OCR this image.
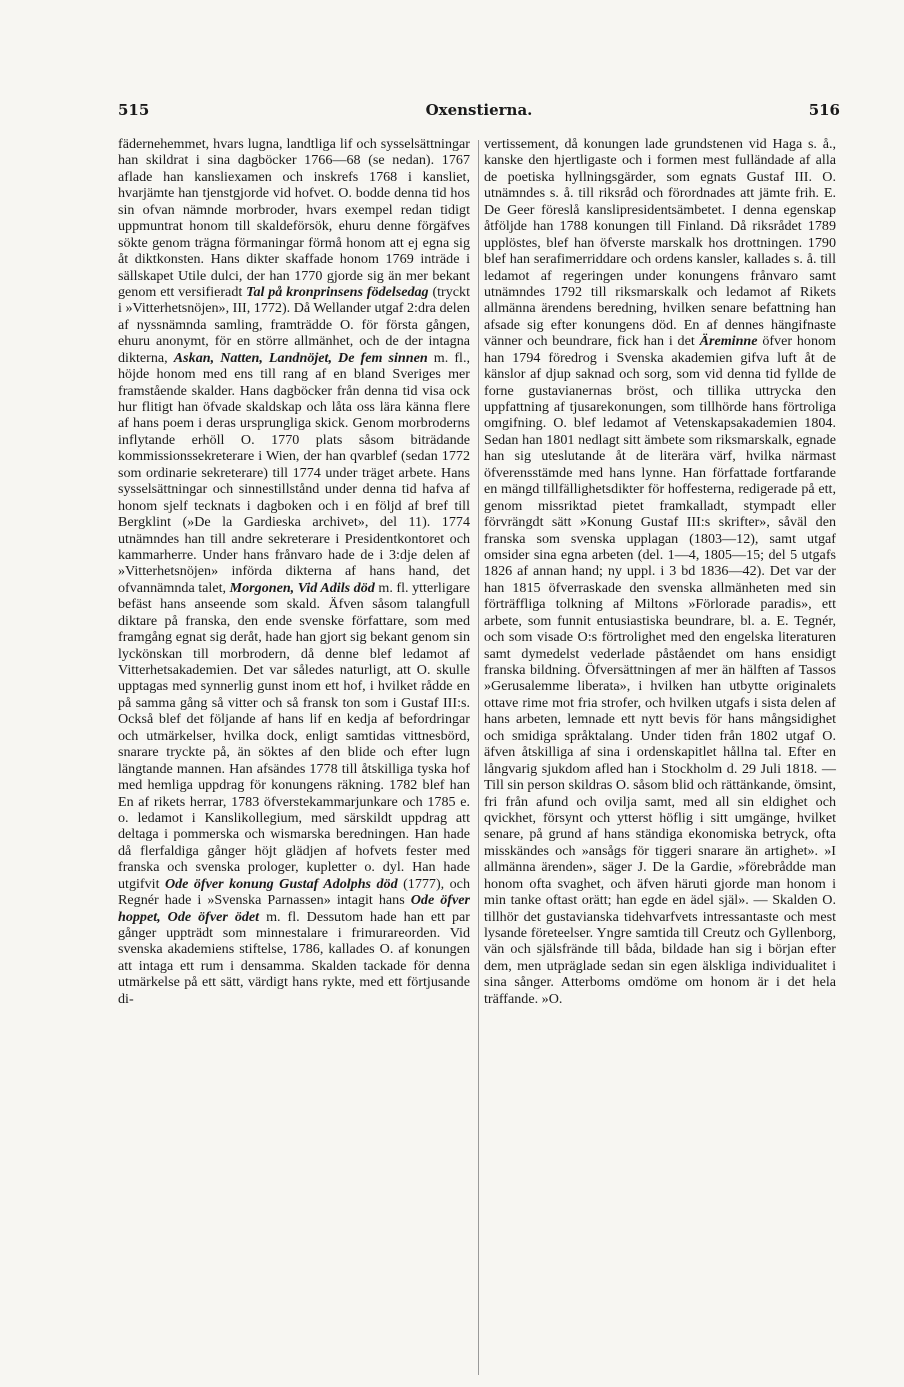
515	Oxenstierna.	516

fädernehemmet, hvars lugna, landtliga lif och sysselsättningar han skildrat i sina dagböcker 1766—68 (se nedan). 1767 aflade han kansliexamen och inskrefs 1768 i kansliet, hvarjämte han tjenstgjorde vid hofvet. O. bodde denna tid hos sin ofvan nämnde morbroder, hvars exempel redan tidigt uppmuntrat honom till skaldeförsök, ehuru denne förgäfves sökte genom trägna förmaningar förmå honom att ej egna sig åt diktkonsten. Hans dikter skaffade honom 1769 inträde i sällskapet Utile dulci, der han 1770 gjorde sig än mer bekant genom ett versifieradt Tal på kronprinsens födelsedag (tryckt i »Vitterhetsnöjen», III, 1772). Då Wellander utgaf 2:dra delen af nyssnämnda samling, framträdde O. för första gången, ehuru anonymt, för en större allmänhet, och de der intagna dikterna, Askan, Natten, Landnöjet, De fem sinnen m. fl., höjde honom med ens till rang af en bland Sveriges mer framstående skalder. Hans dagböcker från denna tid visa ock hur flitigt han öfvade skaldskap och låta oss lära känna flere af hans poem i deras ursprungliga skick. Genom morbroderns inflytande erhöll O. 1770 plats såsom biträdande kommissionssekreterare i Wien, der han qvarblef (sedan 1772 som ordinarie sekreterare) till 1774 under träget arbete. Hans sysselsättningar och sinnestillstånd under denna tid hafva af honom sjelf tecknats i dagboken och i en följd af bref till Bergklint (»De la Gardieska archivet», del 11). 1774 utnämndes han till andre sekreterare i Presidentkontoret och kammarherre. Under hans frånvaro hade de i 3:dje delen af »Vitterhetsnöjen» införda dikterna af hans hand, det ofvannämnda talet, Morgonen, Vid Adils död m. fl. ytterligare befäst hans anseende som skald. Äfven såsom talangfull diktare på franska, den ende svenske författare, som med framgång egnat sig deråt, hade han gjort sig bekant genom sin lyckönskan till morbrodern, då denne blef ledamot af Vitterhetsakademien. Det var således naturligt, att O. skulle upptagas med synnerlig gunst inom ett hof, i hvilket rådde en på samma gång så vitter och så fransk ton som i Gustaf III:s. Också blef det följande af hans lif en kedja af befordringar och utmärkelser, hvilka dock, enligt samtidas vittnesbörd, snarare tryckte på, än söktes af den blide och efter lugn längtande mannen. Han afsändes 1778 till åtskilliga tyska hof med hemliga uppdrag för konungens räkning. 1782 blef han En af rikets herrar, 1783 öfverstekammarjunkare och 1785 e. o. ledamot i Kanslikollegium, med särskildt uppdrag att deltaga i pommerska och wismarska beredningen. Han hade då flerfaldiga gånger höjt glädjen af hofvets fester med franska och svenska prologer, kupletter o. dyl. Han hade utgifvit Ode öfver konung Gustaf Adolphs död (1777), och Regnér hade i »Svenska Parnassen» intagit hans Ode öfver hoppet, Ode öfver ödet m. fl. Dessutom hade han ett par gånger uppträdt som minnestalare i frimurareorden. Vid svenska akademiens stiftelse, 1786, kallades O. af konungen att intaga ett rum i densamma. Skalden tackade för denna utmärkelse på ett sätt, värdigt hans rykte, med ett förtjusande di-

vertissement, då konungen lade grundstenen vid Haga s. å., kanske den hjertligaste och i formen mest fulländade af alla de poetiska hyllningsgärder, som egnats Gustaf III. O. utnämndes s. å. till riksråd och förordnades att jämte frih. E. De Geer föreslå kanslipresidentsämbetet. I denna egenskap åtföljde han 1788 konungen till Finland. Då riksrådet 1789 upplöstes, blef han öfverste marskalk hos drottningen. 1790 blef han serafimerriddare och ordens kansler, kallades s. å. till ledamot af regeringen under konungens frånvaro samt utnämndes 1792 till riksmarskalk och ledamot af Rikets allmänna ärendens beredning, hvilken senare befattning han afsade sig efter konungens död. En af dennes hängifnaste vänner och beundrare, fick han i det Äreminne öfver honom han 1794 föredrog i Svenska akademien gifva luft åt de känslor af djup saknad och sorg, som vid denna tid fyllde de forne gustavianernas bröst, och tillika uttrycka den uppfattning af tjusarekonungen, som tillhörde hans förtroliga omgifning. O. blef ledamot af Vetenskapsakademien 1804. Sedan han 1801 nedlagt sitt ämbete som riksmarskalk, egnade han sig uteslutande åt de literära värf, hvilka närmast öfverensstämde med hans lynne. Han författade fortfarande en mängd tillfällighetsdikter för hoffesterna, redigerade på ett, genom missriktad pietet framkalladt, stympadt eller förvrängdt sätt »Konung Gustaf III:s skrifter», såväl den franska som svenska upplagan (1803—12), samt utgaf omsider sina egna arbeten (del. 1—4, 1805—15; del 5 utgafs 1826 af annan hand; ny uppl. i 3 bd 1836—42). Det var der han 1815 öfverraskade den svenska allmänheten med sin förträffliga tolkning af Miltons »Förlorade paradis», ett arbete, som funnit entusiastiska beundrare, bl. a. E. Tegnér, och som visade O:s förtrolighet med den engelska literaturen samt dymedelst vederlade påståendet om hans ensidigt franska bildning. Öfversättningen af mer än hälften af Tassos »Gerusalemme liberata», i hvilken han utbytte originalets ottave rime mot fria strofer, och hvilken utgafs i sista delen af hans arbeten, lemnade ett nytt bevis för hans mångsidighet och smidiga språktalang. Under tiden från 1802 utgaf O. äfven åtskilliga af sina i ordenskapitlet hållna tal. Efter en långvarig sjukdom afled han i Stockholm d. 29 Juli 1818. — Till sin person skildras O. såsom blid och rättänkande, ömsint, fri från afund och ovilja samt, med all sin eldighet och qvickhet, försynt och ytterst höflig i sitt umgänge, hvilket senare, på grund af hans ständiga ekonomiska betryck, ofta misskändes och »ansågs för tiggeri snarare än artighet». »I allmänna ärenden», säger J. De la Gardie, »förebrådde man honom ofta svaghet, och äfven häruti gjorde man honom i min tanke oftast orätt; han egde en ädel själ». — Skalden O. tillhör det gustavianska tidehvarfvets intressantaste och mest lysande företeelser. Yngre samtida till Creutz och Gyllenborg, vän och själsfrände till båda, bildade han sig i början efter dem, men utpräglade sedan sin egen älskliga individualitet i sina sånger. Atterboms omdöme om honom är i det hela träffande. »O.
